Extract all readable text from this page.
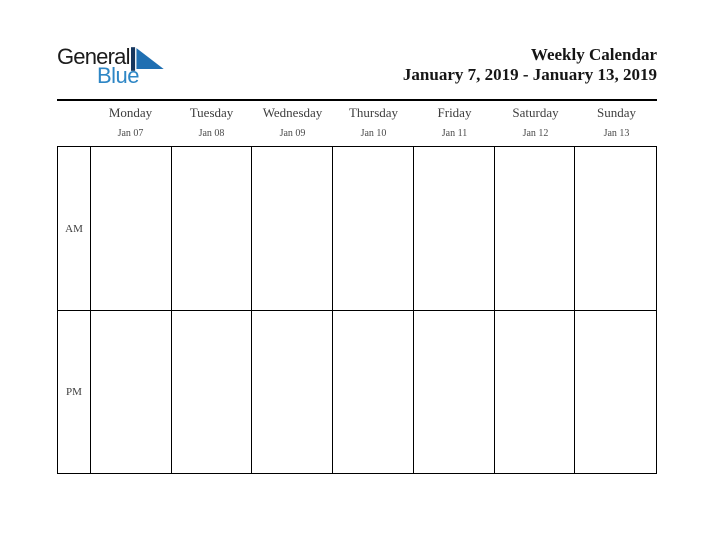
General
Blue
Weekly Calendar
January 7, 2019 - January 13, 2019
Monday
Jan 07
Tuesday
Jan 08
Wednesday
Jan 09
Thursday
Jan 10
Friday
Jan 11
Saturday
Jan 12
Sunday
Jan 13
AM
PM
